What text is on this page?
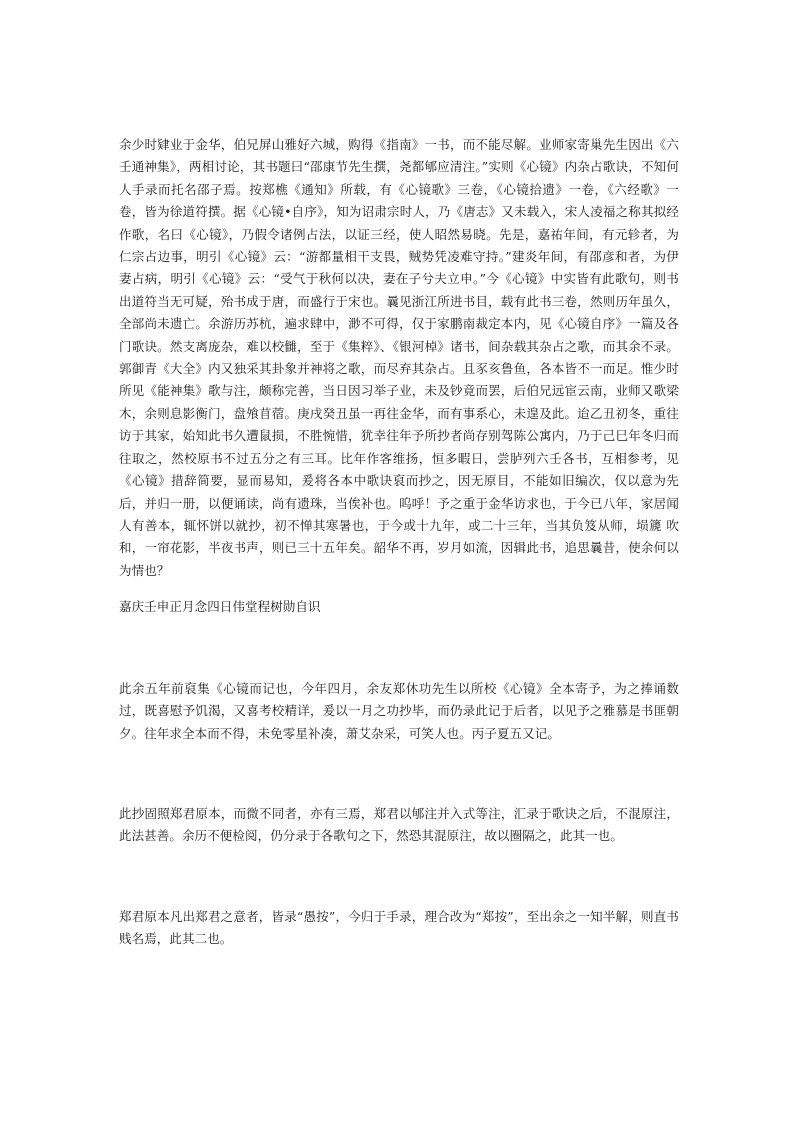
余少时肄业于金华，伯兄屏山雅好六城，购得《指南》一书，而不能尽解。业师家寄巢先生因出《六壬通神集》，两相讨论，其书题曰“邵康节先生撰，尧都郇应清注。”实则《心镜》内杂占歌诀，不知何人手录而托名邵子焉。按郑樵《通知》所载，有《心镜歌》三卷，《心镜拾遗》一卷，《六经歌》一卷，皆为徐道符撰。据《心镜•自序》，知为诏肃宗时人，乃《唐志》又未载入，宋人凌福之称其拟经作歌，名曰《心镜》，乃假令诸例占法，以证三经，使人昭然易晓。先是，嘉祐年间，有元轸者，为仁宗占边事，明引《心镜》云：“游都量相干支畏，贼势凭凌难守持。”建炎年间，有邵彦和者，为伊妻占病，明引《心镜》云：“受气于秋何以决，妻在子兮夫立申。”今《心镜》中实皆有此歌句，则书出道符当无可疑，殆书成于唐，而盛行于宋也。曩见浙江所进书目，载有此书三卷，然则历年虽久，全部尚未遗亡。余游历苏杭，遍求肆中，渺不可得，仅于家鹏南裁定本内，见《心镜自序》一篇及各门歌诀。然支离庞杂，难以校雠，至于《集粹》、《银河棹》诸书，间杂载其杂占之歌，而其余不录。郭御青《大全》内又独采其卦象并神将之歌，而尽弃其杂占。且豕亥鲁鱼，各本皆不一而足。惟少时所见《能神集》歌与注，颇称完善，当日因习举子业，未及钞竟而罢，后伯兄远宦云南，业师又歌梁木，余则息影衡门，盘飧苜蓿。庚戌癸丑虽一再往金华，而有事系心，未遑及此。迨乙丑初冬，重往访于其家，始知此书久遭鼠损，不胜惋惜，犹幸往年予所抄者尚存别驾陈公寓内，乃于己巳年冬归而往取之，然校原书不过五分之有三耳。比年作客维扬，恒多暇日，尝胪列六壬各书，互相参考，见《心镜》措辞简要，显而易知，爰将各本中歌诀裒而抄之，因无原目，不能如旧编次，仅以意为先后，并归一册，以便诵读，尚有遗珠，当俟补也。呜呼！予之重于金华访求也，于今已八年，家居闻人有善本，辄怀饼以就抄，初不惮其寒暑也，于今或十九年，或二十三年，当其负笈从师，埙篪 吹和，一帘花影，半夜书声，则已三十五年矣。韶华不再，岁月如流，因辑此书，追思曩昔，使余何以为情也？

嘉庆壬申正月念四日伟堂程树勋自识

此余五年前裒集《心镜而记也，今年四月，余友郑休功先生以所校《心镜》全本寄予，为之捧诵数过，既喜慰予饥渴，又喜考校精详，爰以一月之功抄毕，而仍录此记于后者，以见予之雅慕是书匪朝夕。往年求全本而不得，未免零星补凑，萧艾杂采，可笑人也。丙子夏五又记。

此抄固照郑君原本，而微不同者，亦有三焉，郑君以郇注并入式等注，汇录于歌诀之后，不混原注，此法甚善。余历不便检阅，仍分录于各歌句之下，然恐其混原注，故以圈隔之，此其一也。

郑君原本凡出郑君之意者，皆录“愚按”，今归于手录，理合改为“郑按”，至出余之一知半解，则直书贱名焉，此其二也。
